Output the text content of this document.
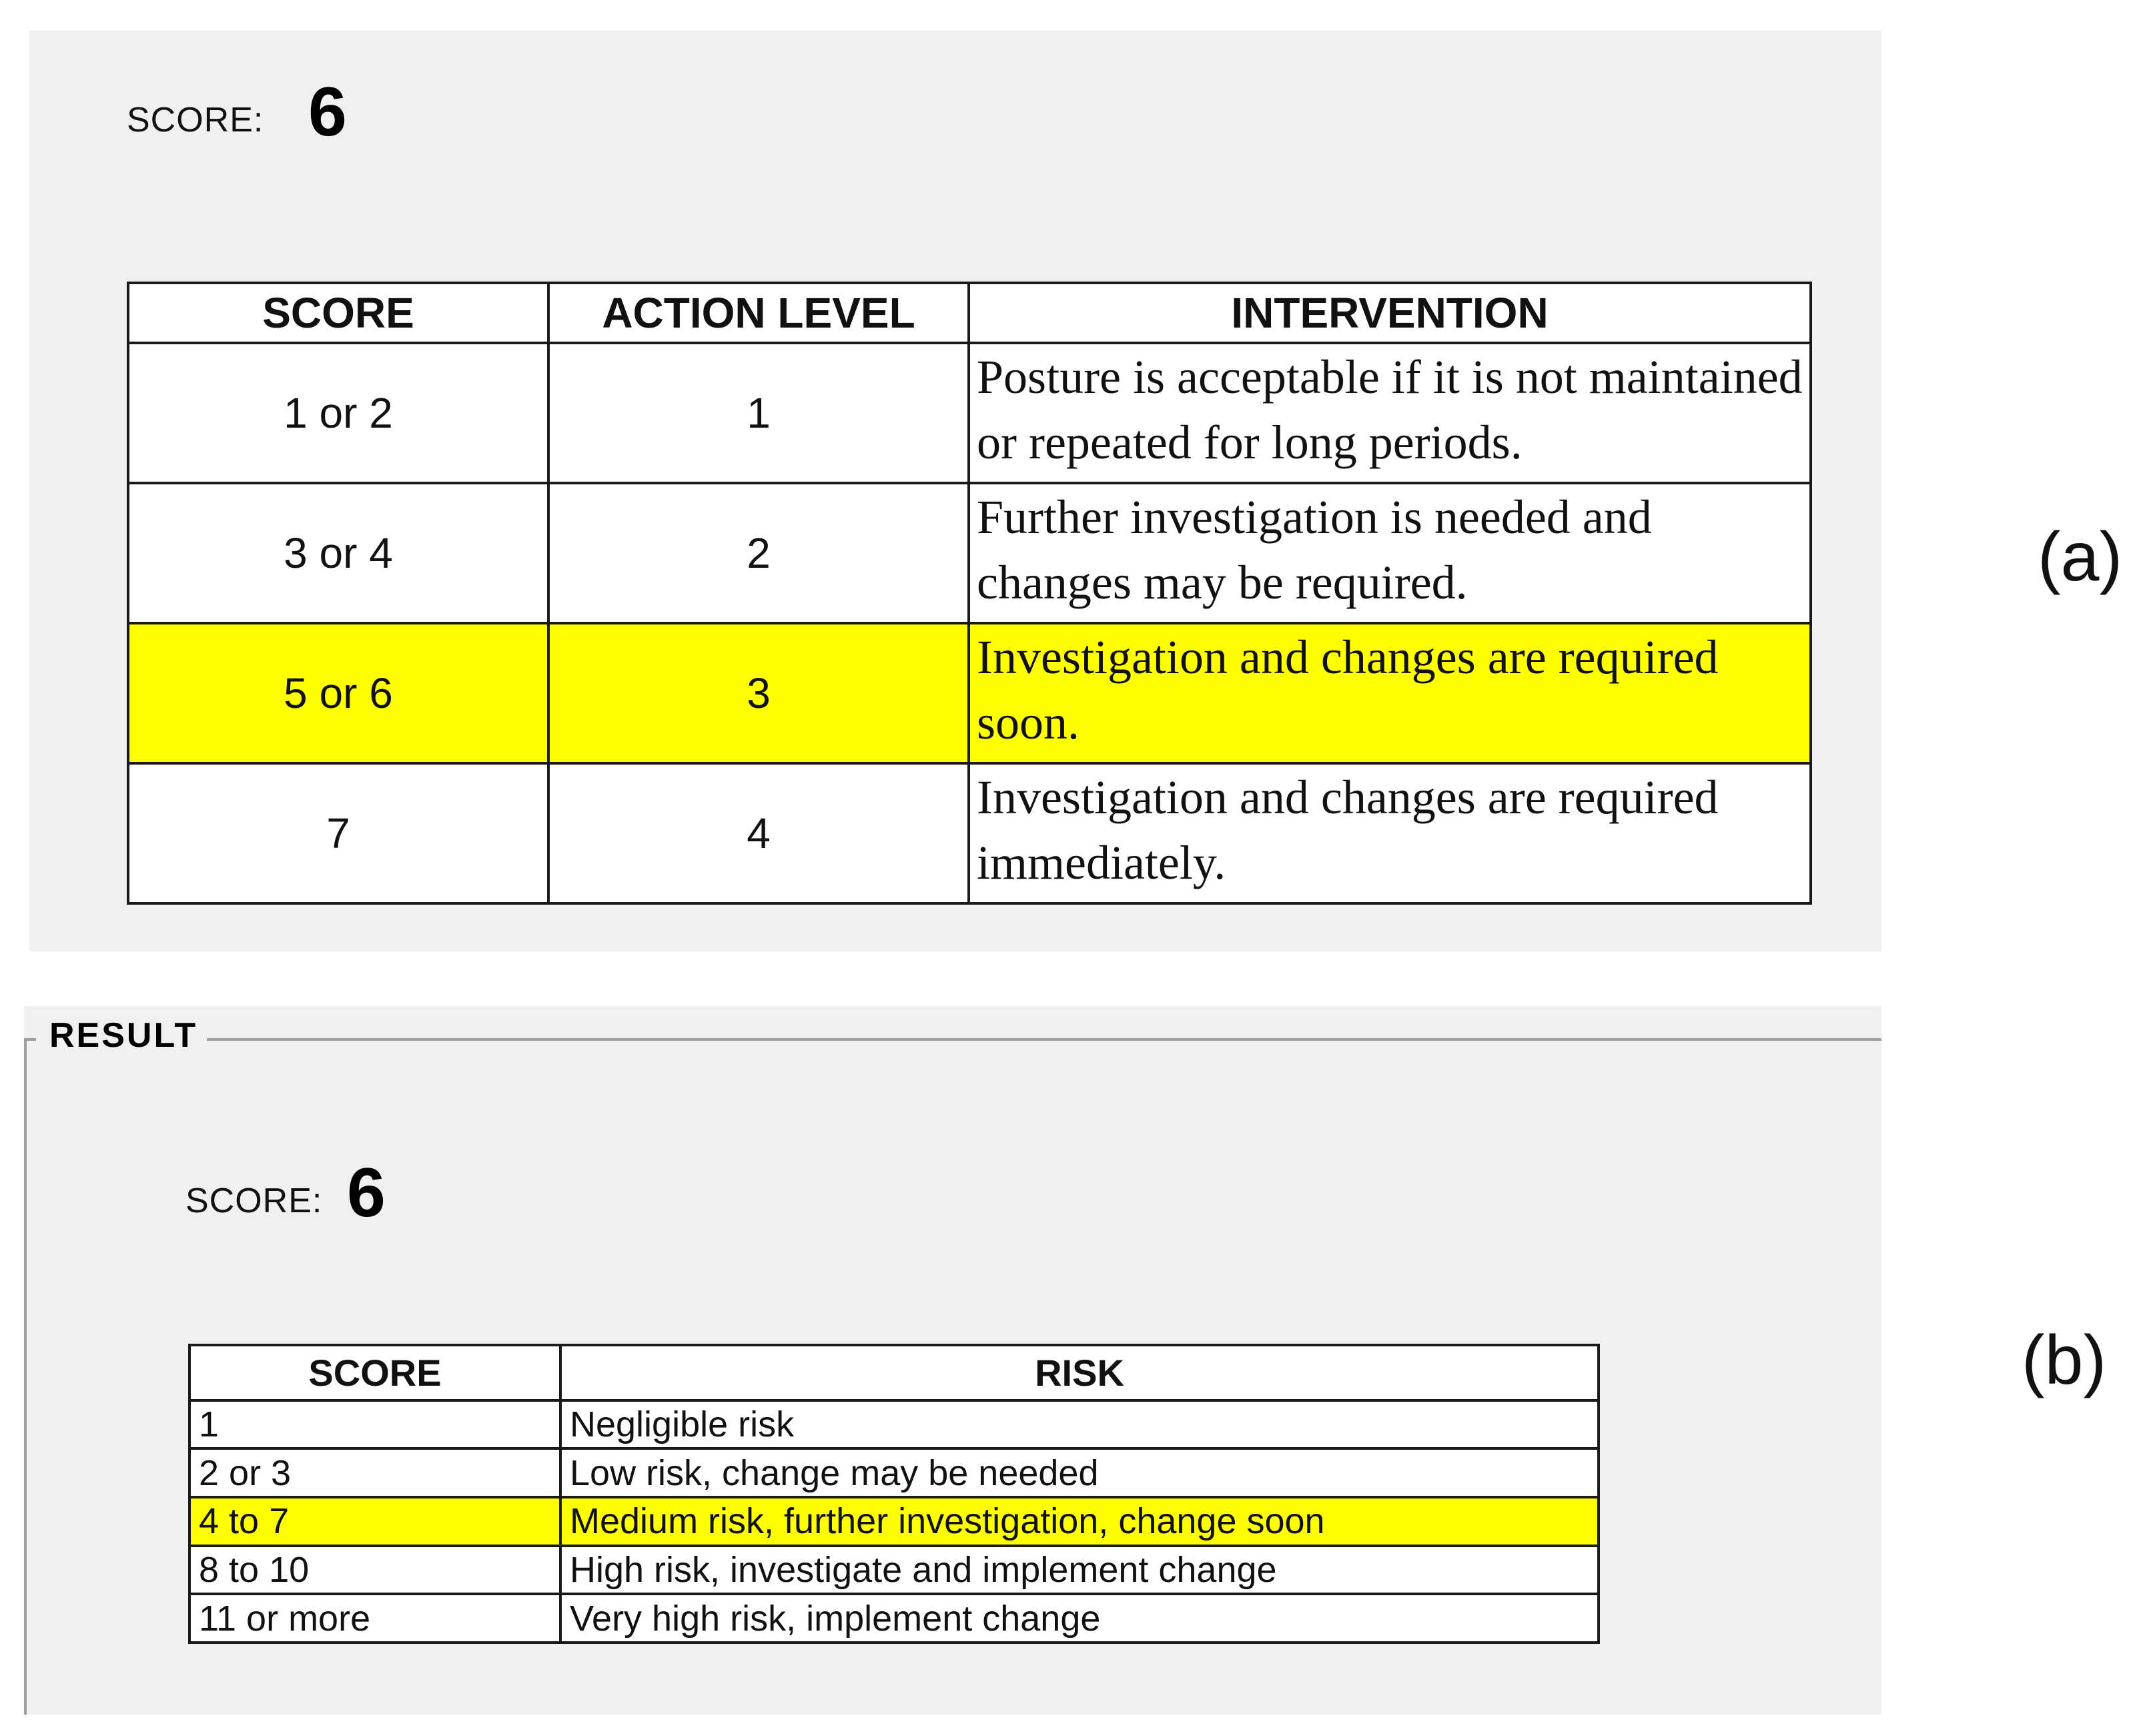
SCORE: 6
SCORE	ACTION LEVEL	INTERVENTION
1 or 2	1	Posture is acceptable if it is not maintained or repeated for long periods.
3 or 4	2	Further investigation is needed and changes may be required.
5 or 6	3	Investigation and changes are required soon.
7	4	Investigation and changes are required immediately.
(a)
RESULT
SCORE: 6
SCORE	RISK
1	Negligible risk
2 or 3	Low risk, change may be needed
4 to 7	Medium risk, further investigation, change soon
8 to 10	High risk, investigate and implement change
11 or more	Very high risk, implement change
(b)
